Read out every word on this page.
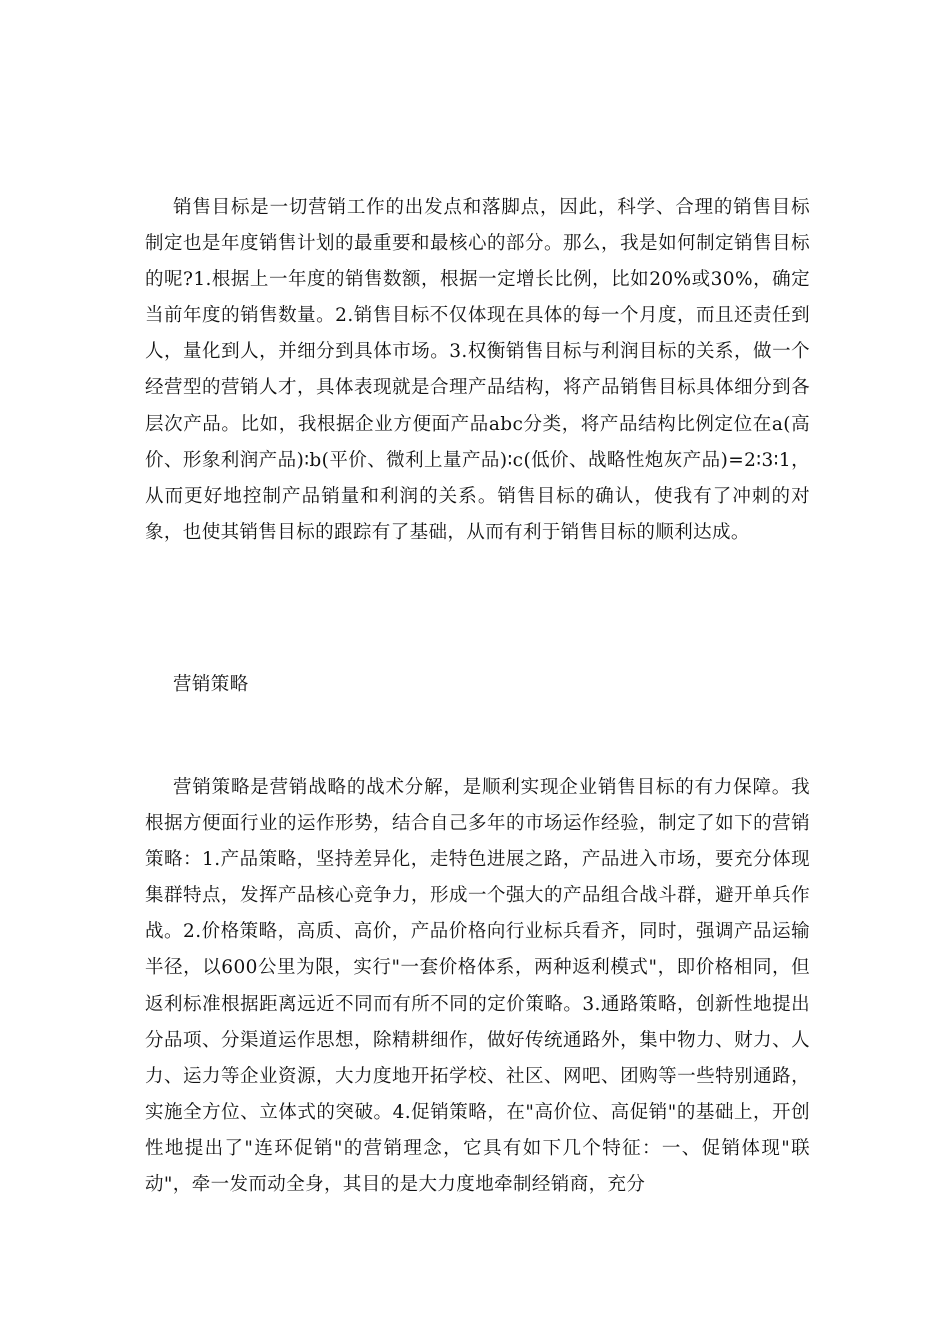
销售目标是一切营销工作的出发点和落脚点，因此，科学、合理的销售目标制定也是年度销售计划的最重要和最核心的部分。那么，我是如何制定销售目标的呢?1.根据上一年度的销售数额，根据一定增长比例，比如20%或30%，确定当前年度的销售数量。2.销售目标不仅体现在具体的每一个月度，而且还责任到人，量化到人，并细分到具体市场。3.权衡销售目标与利润目标的关系，做一个经营型的营销人才，具体表现就是合理产品结构，将产品销售目标具体细分到各层次产品。比如，我根据企业方便面产品abc分类，将产品结构比例定位在a(高价、形象利润产品)∶b(平价、微利上量产品)∶c(低价、战略性炮灰产品)=2∶3∶1，从而更好地控制产品销量和利润的关系。销售目标的确认，使我有了冲刺的对象，也使其销售目标的跟踪有了基础，从而有利于销售目标的顺利达成。

营销策略

营销策略是营销战略的战术分解，是顺利实现企业销售目标的有力保障。我根据方便面行业的运作形势，结合自己多年的市场运作经验，制定了如下的营销策略：1.产品策略，坚持差异化，走特色进展之路，产品进入市场，要充分体现集群特点，发挥产品核心竞争力，形成一个强大的产品组合战斗群，避开单兵作战。2.价格策略，高质、高价，产品价格向行业标兵看齐，同时，强调产品运输半径，以600公里为限，实行"一套价格体系，两种返利模式"，即价格相同，但返利标准根据距离远近不同而有所不同的定价策略。3.通路策略，创新性地提出分品项、分渠道运作思想，除精耕细作，做好传统通路外，集中物力、财力、人力、运力等企业资源，大力度地开拓学校、社区、网吧、团购等一些特别通路，实施全方位、立体式的突破。4.促销策略，在"高价位、高促销"的基础上，开创性地提出了"连环促销"的营销理念，它具有如下几个特征：一、促销体现"联动"，牵一发而动全身，其目的是大力度地牵制经销商，充分
